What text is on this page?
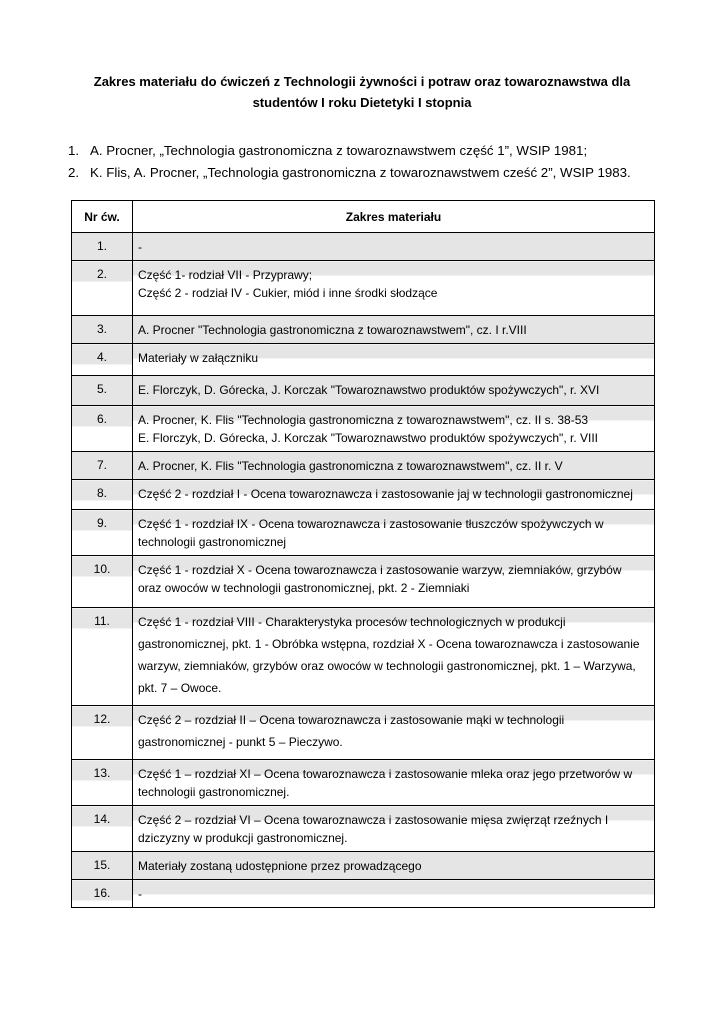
Zakres materiału do ćwiczeń z Technologii żywności i potraw oraz towaroznawstwa dla
studentów I roku Dietetyki I stopnia
1. A. Procner, „Technologia gastronomiczna z towaroznawstwem część 1”, WSIP 1981;
2. K. Flis, A. Procner, „Technologia gastronomiczna z towaroznawstwem cześć 2”, WSIP 1983.
Nr ćw.	Zakres materiału
1.	-

2.	Część 1- rodział VII - Przyprawy;
Część 2 - rodział IV - Cukier, miód i inne środki słodzące

3.	A. Procner "Technologia gastronomiczna z towaroznawstwem", cz. I r.VIII

4.	Materiały w załączniku

5.	E. Florczyk, D. Górecka, J. Korczak "Towaroznawstwo produktów spożywczych", r. XVI

6.	A. Procner, K. Flis "Technologia gastronomiczna z towaroznawstwem", cz. II s. 38-53
E. Florczyk, D. Górecka, J. Korczak "Towaroznawstwo produktów spożywczych", r. VIII

7.	A. Procner, K. Flis "Technologia gastronomiczna z towaroznawstwem", cz. II r. V

8.	Część 2 - rozdział I - Ocena towaroznawcza i zastosowanie jaj w technologii gastronomicznej

9.	Część 1 - rozdział IX - Ocena towaroznawcza i zastosowanie tłuszczów spożywczych w
technologii gastronomicznej

10.	Część 1 - rozdział X - Ocena towaroznawcza i zastosowanie warzyw, ziemniaków, grzybów
oraz owoców w technologii gastronomicznej, pkt. 2 - Ziemniaki

11.	Część 1 - rozdział VIII - Charakterystyka procesów technologicznych w produkcji
gastronomicznej, pkt. 1 - Obróbka wstępna, rozdział X - Ocena towaroznawcza i zastosowanie
warzyw, ziemniaków, grzybów oraz owoców w technologii gastronomicznej, pkt. 1 – Warzywa,
pkt. 7 – Owoce.

12.	Część 2 – rozdział II – Ocena towaroznawcza i zastosowanie mąki w technologii
gastronomicznej - punkt 5 – Pieczywo.

13.	Część 1 – rozdział XI – Ocena towaroznawcza i zastosowanie mleka oraz jego przetworów w
technologii gastronomicznej.

14.	Część 2 – rozdział VI – Ocena towaroznawcza i zastosowanie mięsa zwięrząt rzeźnych I
dziczyzny w produkcji gastronomicznej.

15.	Materiały zostaną udostępnione przez prowadzącego

16.	-
